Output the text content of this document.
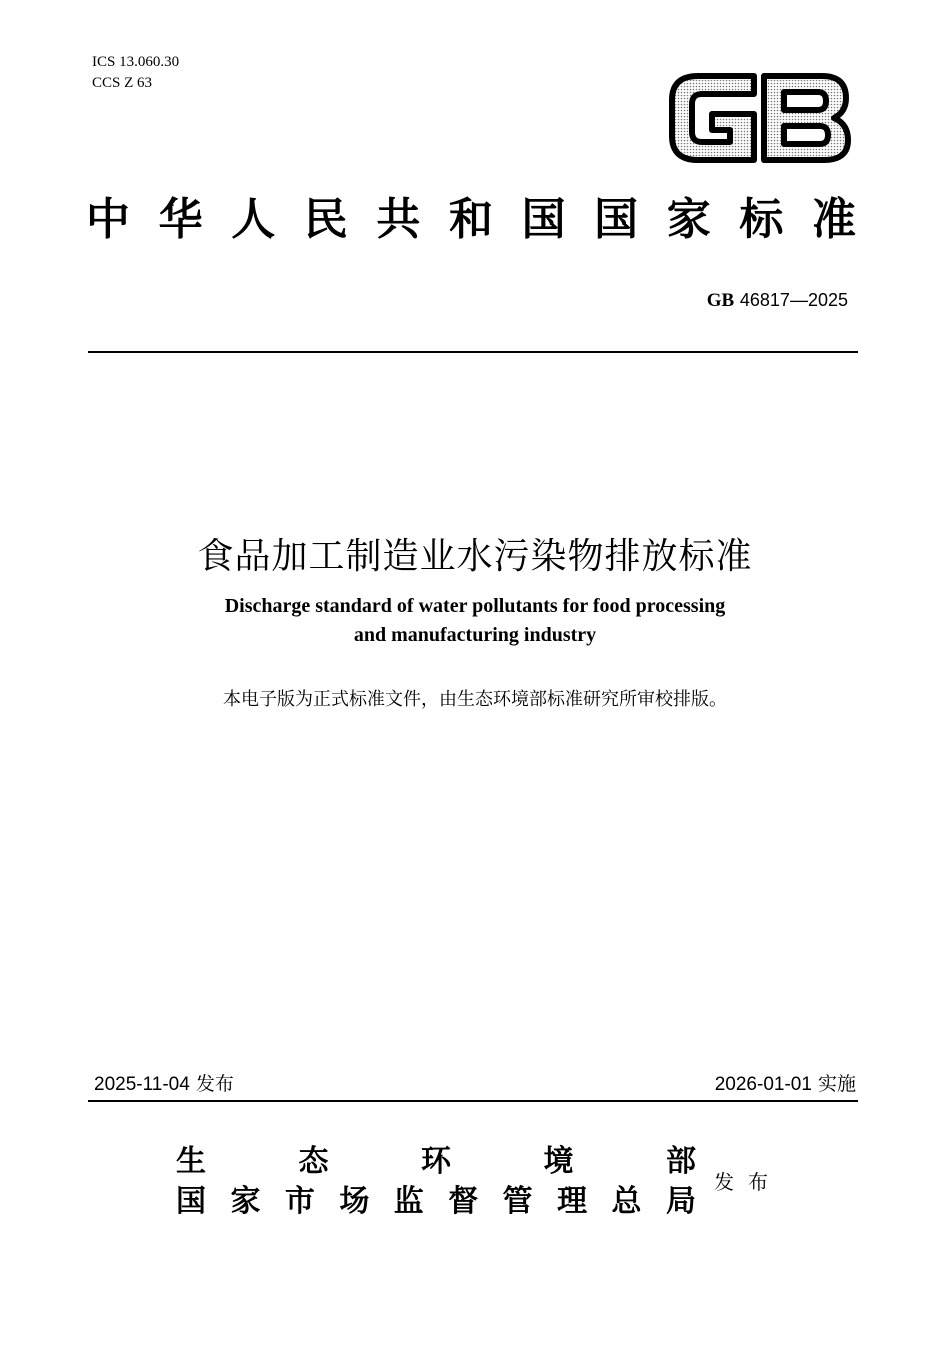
ICS 13.060.30
CCS Z 63
中 华 人 民 共 和 国 国 家 标 准
GB 46817—2025
食品加工制造业水污染物排放标准
Discharge standard of water pollutants for food processing
and manufacturing industry
本电子版为正式标准文件，由生态环境部标准研究所审校排版。
2025-11-04 发布	2026-01-01 实施
生	态	环	境	部
国 家 市 场 监 督 管 理 总 局
发布
